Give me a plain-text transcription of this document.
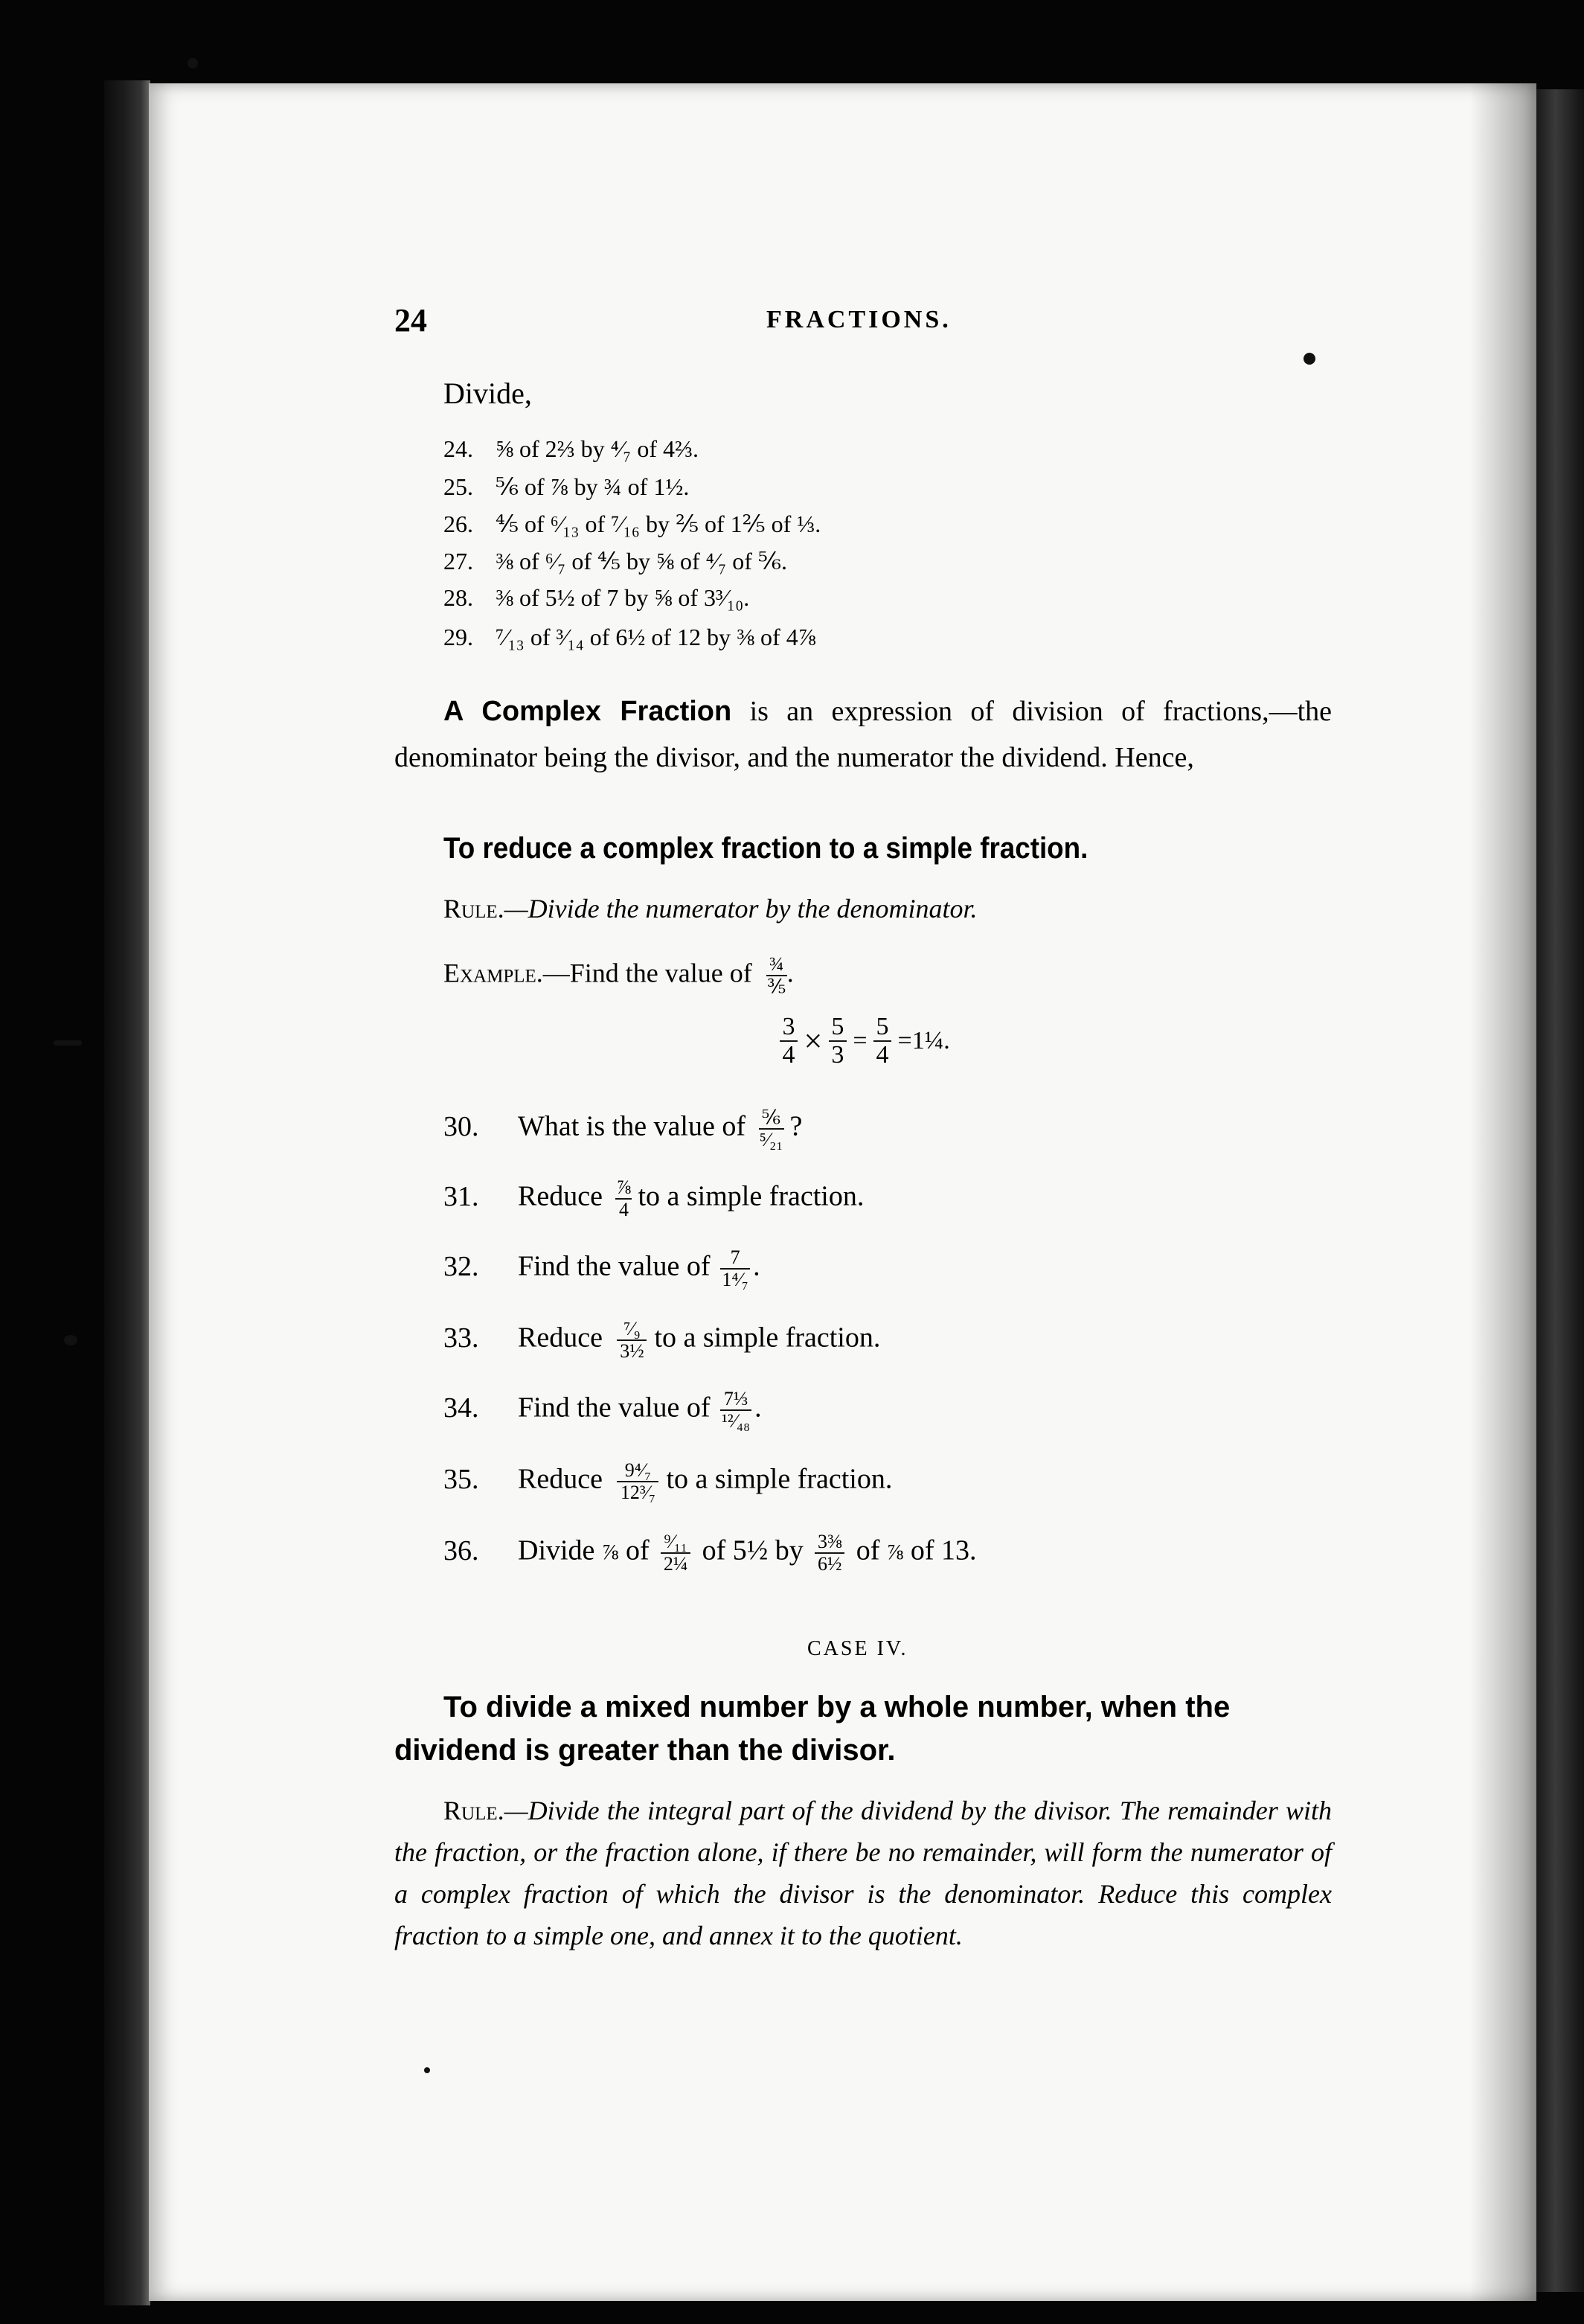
24	FRACTIONS.
Divide,
24. ⅝ of 2⅔ by ⁴⁄₇ of 4⅔.
25. ⅚ of ⅞ by ¾ of 1½.
26. ⅘ of ⁶⁄₁₃ of ⁷⁄₁₆ by ⅖ of 1⅖ of ⅓.
27. ⅜ of ⁶⁄₇ of ⅘ by ⅝ of ⁴⁄₇ of ⅚.
28. ⅜ of 5½ of 7 by ⅝ of 3³⁄₁₀.
29. ⁷⁄₁₃ of ³⁄₁₄ of 6½ of 12 by ⅜ of 4⅞
A Complex Fraction is an expression of division of fractions,—the denominator being the divisor, and the numerator the dividend. Hence,
To reduce a complex fraction to a simple fraction.
Rule.—Divide the numerator by the denominator.
Example.—Find the value of ¾
⅗ .
$\frac{3}{4} \times \frac{5}{3} = \frac{5}{4}$ =1¼.
30. What is the value of ⅚
⁵⁄₂₁ ?
31. Reduce ⅞
4 to a simple fraction.
32. Find the value of $\frac{7}{\text{1⁴⁄₇}}$ .
33. Reduce ⁷⁄₉
3½ to a simple fraction.
34. Find the value of 7⅓
¹²⁄₄₈ .
35. Reduce $\frac{\text{9⁴⁄₇}}{\text{12³⁄₇}}$ to a simple fraction.
36. Divide ⅞ of ⁹⁄₁₁
2¼ of 5½ by $\frac{\text{3⅜}}{\text{6½}}$ of ⅞ of 13.
CASE IV.
To divide a mixed number by a whole number, when the dividend is greater than the divisor.
Rule.—Divide the integral part of the dividend by the divisor. The remainder with the fraction, or the fraction alone, if there be no remainder, will form the numerator of a complex fraction of which the divisor is the denominator. Reduce this complex fraction to a simple one, and annex it to the quotient.
